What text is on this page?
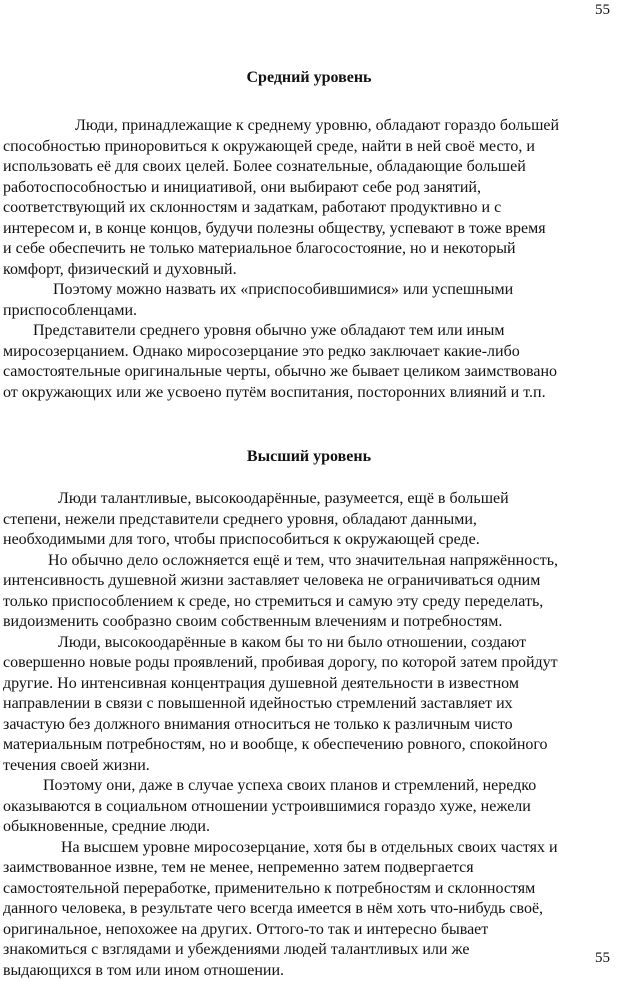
55
Средний уровень
Люди, принадлежащие к среднему уровню, обладают гораздо большей
способностью приноровиться к окружающей среде, найти в ней своё место, и
использовать её для своих целей. Более сознательные, обладающие большей
работоспособностью и инициативой, они выбирают себе род занятий,
соответствующий их склонностям и задаткам, работают продуктивно и с
интересом и, в конце концов, будучи полезны обществу, успевают в тоже время
и себе обеспечить не только материальное благосостояние, но и некоторый
комфорт, физический и духовный.
Поэтому можно назвать их «приспособившимися» или успешными
приспособленцами.
Представители среднего уровня обычно уже обладают тем или иным
миросозерцанием. Однако миросозерцание это редко заключает какие-либо
самостоятельные оригинальные черты, обычно же бывает целиком заимствовано
от окружающих или же усвоено путём воспитания, посторонних влияний и т.п.
Высший уровень
Люди талантливые, высокоодарённые, разумеется, ещё в большей
степени, нежели представители среднего уровня, обладают данными,
необходимыми для того, чтобы приспособиться к окружающей среде.
Но обычно дело осложняется ещё и тем, что значительная напряжённость,
интенсивность душевной жизни заставляет человека не ограничиваться одним
только приспособлением к среде, но стремиться и самую эту среду переделать,
видоизменить сообразно своим собственным влечениям и потребностям.
Люди, высокоодарённые в каком бы то ни было отношении, создают
совершенно новые роды проявлений, пробивая дорогу, по которой затем пройдут
другие. Но интенсивная концентрация душевной деятельности в известном
направлении в связи с повышенной идейностью стремлений заставляет их
зачастую без должного внимания относиться не только к различным чисто
материальным потребностям, но и вообще, к обеспечению ровного, спокойного
течения своей жизни.
Поэтому они, даже в случае успеха своих планов и стремлений, нередко
оказываются в социальном отношении устроившимися гораздо хуже, нежели
обыкновенные, средние люди.
На высшем уровне миросозерцание, хотя бы в отдельных своих частях и
заимствованное извне, тем не менее, непременно затем подвергается
самостоятельной переработке, применительно к потребностям и склонностям
данного человека, в результате чего всегда имеется в нём хоть что-нибудь своё,
оригинальное, непохожее на других. Оттого-то так и интересно бывает
знакомиться с взглядами и убеждениями людей талантливых или же
выдающихся в том или ином отношении.
55
